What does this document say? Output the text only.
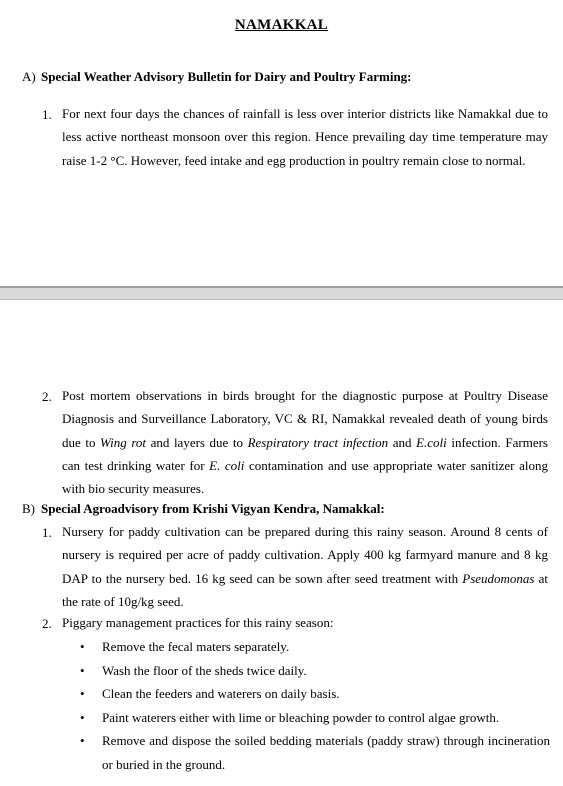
NAMAKKAL
A) Special Weather Advisory Bulletin for Dairy and Poultry Farming:
1. For next four days the chances of rainfall is less over interior districts like Namakkal due to less active northeast monsoon over this region. Hence prevailing day time temperature may raise 1-2 °C. However, feed intake and egg production in poultry remain close to normal.
2. Post mortem observations in birds brought for the diagnostic purpose at Poultry Disease Diagnosis and Surveillance Laboratory, VC & RI, Namakkal revealed death of young birds due to Wing rot and layers due to Respiratory tract infection and E.coli infection. Farmers can test drinking water for E. coli contamination and use appropriate water sanitizer along with bio security measures.
B) Special Agroadvisory from Krishi Vigyan Kendra, Namakkal:
1. Nursery for paddy cultivation can be prepared during this rainy season. Around 8 cents of nursery is required per acre of paddy cultivation. Apply 400 kg farmyard manure and 8 kg DAP to the nursery bed. 16 kg seed can be sown after seed treatment with Pseudomonas at the rate of 10g/kg seed.
2. Piggary management practices for this rainy season:
• Remove the fecal maters separately.
• Wash the floor of the sheds twice daily.
• Clean the feeders and waterers on daily basis.
• Paint waterers either with lime or bleaching powder to control algae growth.
• Remove and dispose the soiled bedding materials (paddy straw) through incineration or buried in the ground.
